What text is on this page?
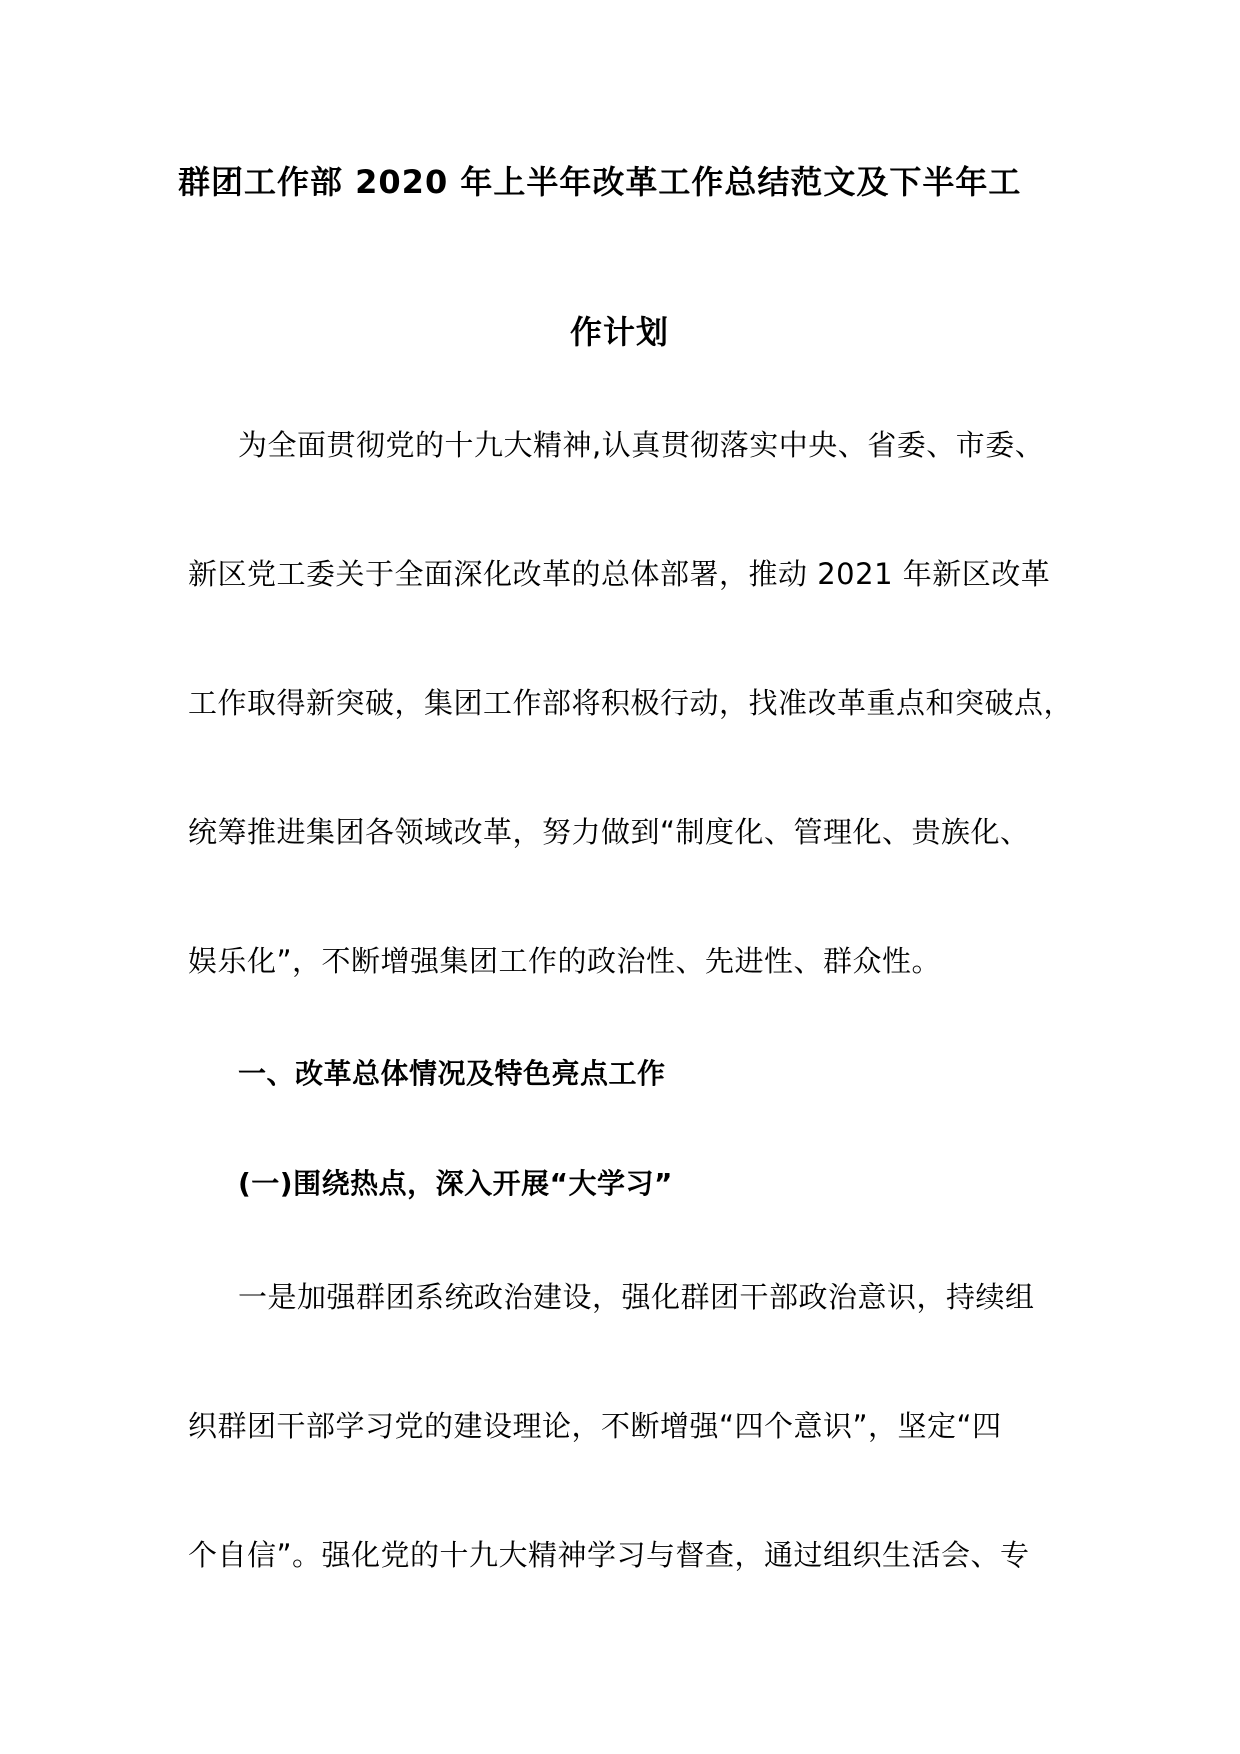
群团工作部 2020 年上半年改革工作总结范文及下半年工
作计划
为全面贯彻党的十九大精神,认真贯彻落实中央、省委、市委、
新区党工委关于全面深化改革的总体部署，推动 2021 年新区改革
工作取得新突破，集团工作部将积极行动，找准改革重点和突破点，
统筹推进集团各领域改革，努力做到“制度化、管理化、贵族化、
娱乐化”，不断增强集团工作的政治性、先进性、群众性。
一、改革总体情况及特色亮点工作
(一)围绕热点，深入开展“大学习”
一是加强群团系统政治建设，强化群团干部政治意识，持续组
织群团干部学习党的建设理论，不断增强“四个意识”，坚定“四
个自信”。强化党的十九大精神学习与督查，通过组织生活会、专
